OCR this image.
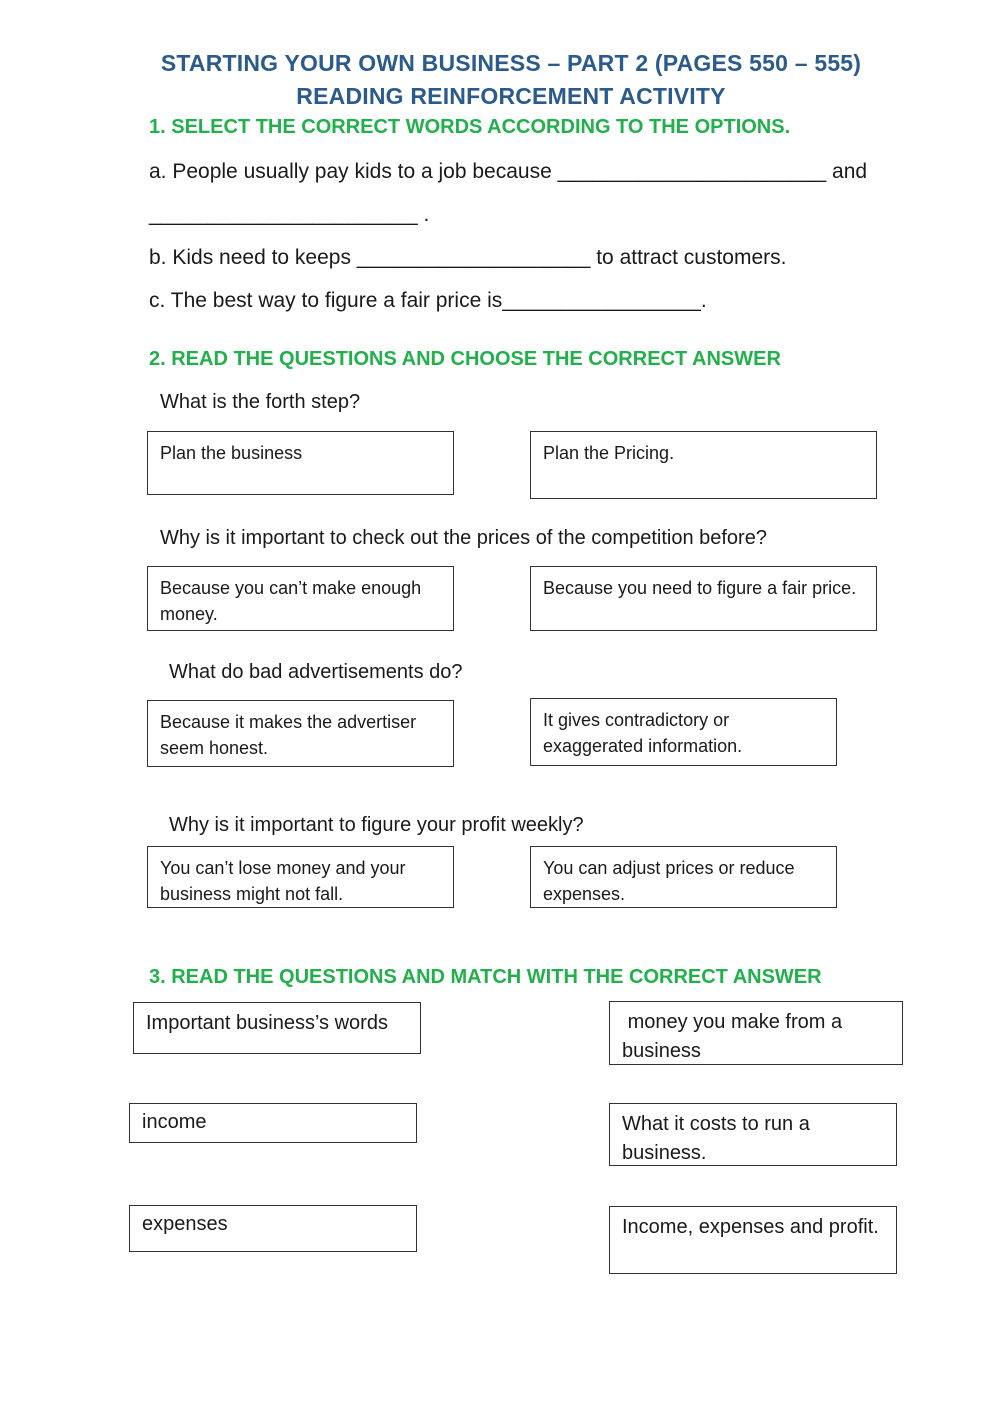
STARTING YOUR OWN BUSINESS – PART 2 (PAGES 550 – 555)
READING REINFORCEMENT ACTIVITY
1. SELECT THE CORRECT WORDS ACCORDING TO THE OPTIONS.
a. People usually pay kids to a job because _______________________ and
_______________________ .
b. Kids need to keeps ____________________ to attract customers.
c. The best way to figure a fair price is_________________.
2. READ THE QUESTIONS AND CHOOSE THE CORRECT ANSWER
What is the forth step?
Plan the business	Plan the Pricing.
Why is it important to check out the prices of the competition before?
Because you can’t make enough money.
Because you need to figure a fair price.
What do bad advertisements do?
Because it makes the advertiser seem honest.
It gives contradictory or exaggerated information.
Why is it important to figure your profit weekly?
You can’t lose money and your business might not fall.
You can adjust prices or reduce expenses.
3. READ THE QUESTIONS AND MATCH WITH THE CORRECT ANSWER
Important business’s words
income
expenses
money you make from a business
What it costs to run a business.
Income, expenses and profit.
